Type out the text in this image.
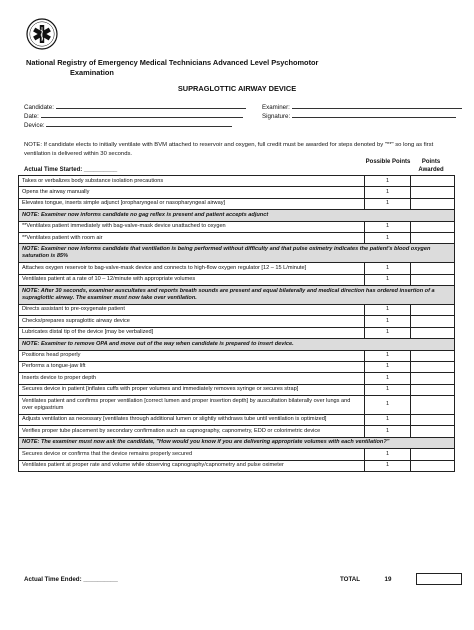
National Registry of Emergency Medical Technicians Advanced Level Psychomotor
Examination
SUPRAGLOTTIC AIRWAY DEVICE
Candidate:	Examiner:
Date:	Signature:
Device:
NOTE: If candidate elects to initially ventilate with BVM attached to reservoir and oxygen, full credit must be awarded for steps denoted by "**" so long as first ventilation is delivered within 30 seconds.
Possible Points	Points Awarded
Actual Time Started: __________
Takes or verbalizes body substance isolation precautions	1	
Opens the airway manually	1	
Elevates tongue, inserts simple adjunct [oropharyngeal or nasopharyngeal airway]	1	
NOTE: Examiner now informs candidate no gag reflex is present and patient accepts adjunct		
**Ventilates patient immediately with bag-valve-mask device unattached to oxygen	1	
**Ventilates patient with room air	1	
NOTE: Examiner now informs candidate that ventilation is being performed without difficulty and that pulse oximetry indicates the patient's blood oxygen saturation is 85%		
Attaches oxygen reservoir to bag-valve-mask device and connects to high-flow oxygen regulator [12 – 15 L/minute]	1	
Ventilates patient at a rate of 10 – 12/minute with appropriate volumes	1	
NOTE: After 30 seconds, examiner auscultates and reports breath sounds are present and equal bilaterally and medical direction has ordered insertion of a supraglottic airway. The examiner must now take over ventilation.		
Directs assistant to pre-oxygenate patient	1	
Checks/prepares supraglottic airway device	1	
Lubricates distal tip of the device [may be verbalized]	1	
NOTE: Examiner to remove OPA and move out of the way when candidate is prepared to insert device.		
Positions head properly	1	
Performs a tongue-jaw lift	1	
Inserts device to proper depth	1	
Secures device in patient [inflates cuffs with proper volumes and immediately removes syringe or secures strap]	1	
Ventilates patient and confirms proper ventilation [correct lumen and proper insertion depth] by auscultation bilaterally over lungs and over epigastrium	1	
Adjusts ventilation as necessary [ventilates through additional lumen or slightly withdraws tube until ventilation is optimized]	1	
Verifies proper tube placement by secondary confirmation such as capnography, capnometry, EDD or colorimetric device	1	
NOTE: The examiner must now ask the candidate, "How would you know if you are delivering appropriate volumes with each ventilation?"		
Secures device or confirms that the device remains properly secured	1	
Ventilates patient at proper rate and volume while observing capnography/capnometry and pulse oximeter	1	
Actual Time Ended: __________	TOTAL	19
